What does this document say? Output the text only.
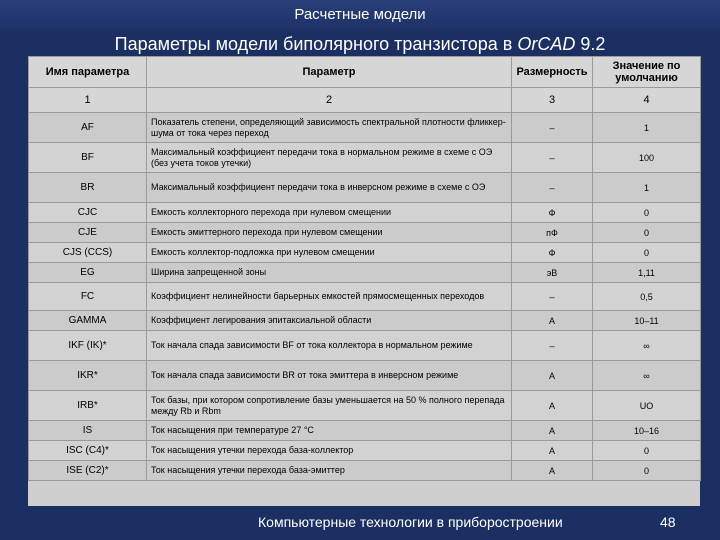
Расчетные модели
Параметры модели биполярного транзистора в OrCAD 9.2
Имя параметра	Параметр	Размерность	Значение по умолчанию
1	2	3	4
AF	Показатель степени, определяющий зависимость спектральной плотности фликкер-шума от тока через переход	–	1
BF	Максимальный коэффициент передачи тока в нормальном режиме в схеме с ОЭ (без учета токов утечки)	–	100
BR	Максимальный коэффициент передачи тока в инверсном режиме в схеме с ОЭ	–	1
CJC	Емкость коллекторного перехода при нулевом смещении	Ф	0
CJE	Емкость эмиттерного перехода при нулевом смещении	пФ	0
CJS (CCS)	Емкость коллектор-подложка при нулевом смещении	Ф	0
EG	Ширина запрещенной зоны	эВ	1,11
FC	Коэффициент нелинейности барьерных емкостей прямосмещенных переходов	–	0,5
GAMMA	Коэффициент легирования эпитаксиальной области	А	10–11
IKF (IK)*	Ток начала спада зависимости BF от тока коллектора в нормальном режиме	–	∞
IKR*	Ток начала спада зависимости BR от тока эмиттера в инверсном режиме	А	∞
IRB*	Ток базы, при котором сопротивление базы уменьшается на 50 % полного перепада между Rb и Rbm	А	UO
IS	Ток насыщения при температуре 27 °C	А	10–16
ISC (C4)*	Ток насыщения утечки перехода база-коллектор	А	0
ISE (C2)*	Ток насыщения утечки перехода база-эмиттер	А	0
Компьютерные технологии в приборостроении	48
